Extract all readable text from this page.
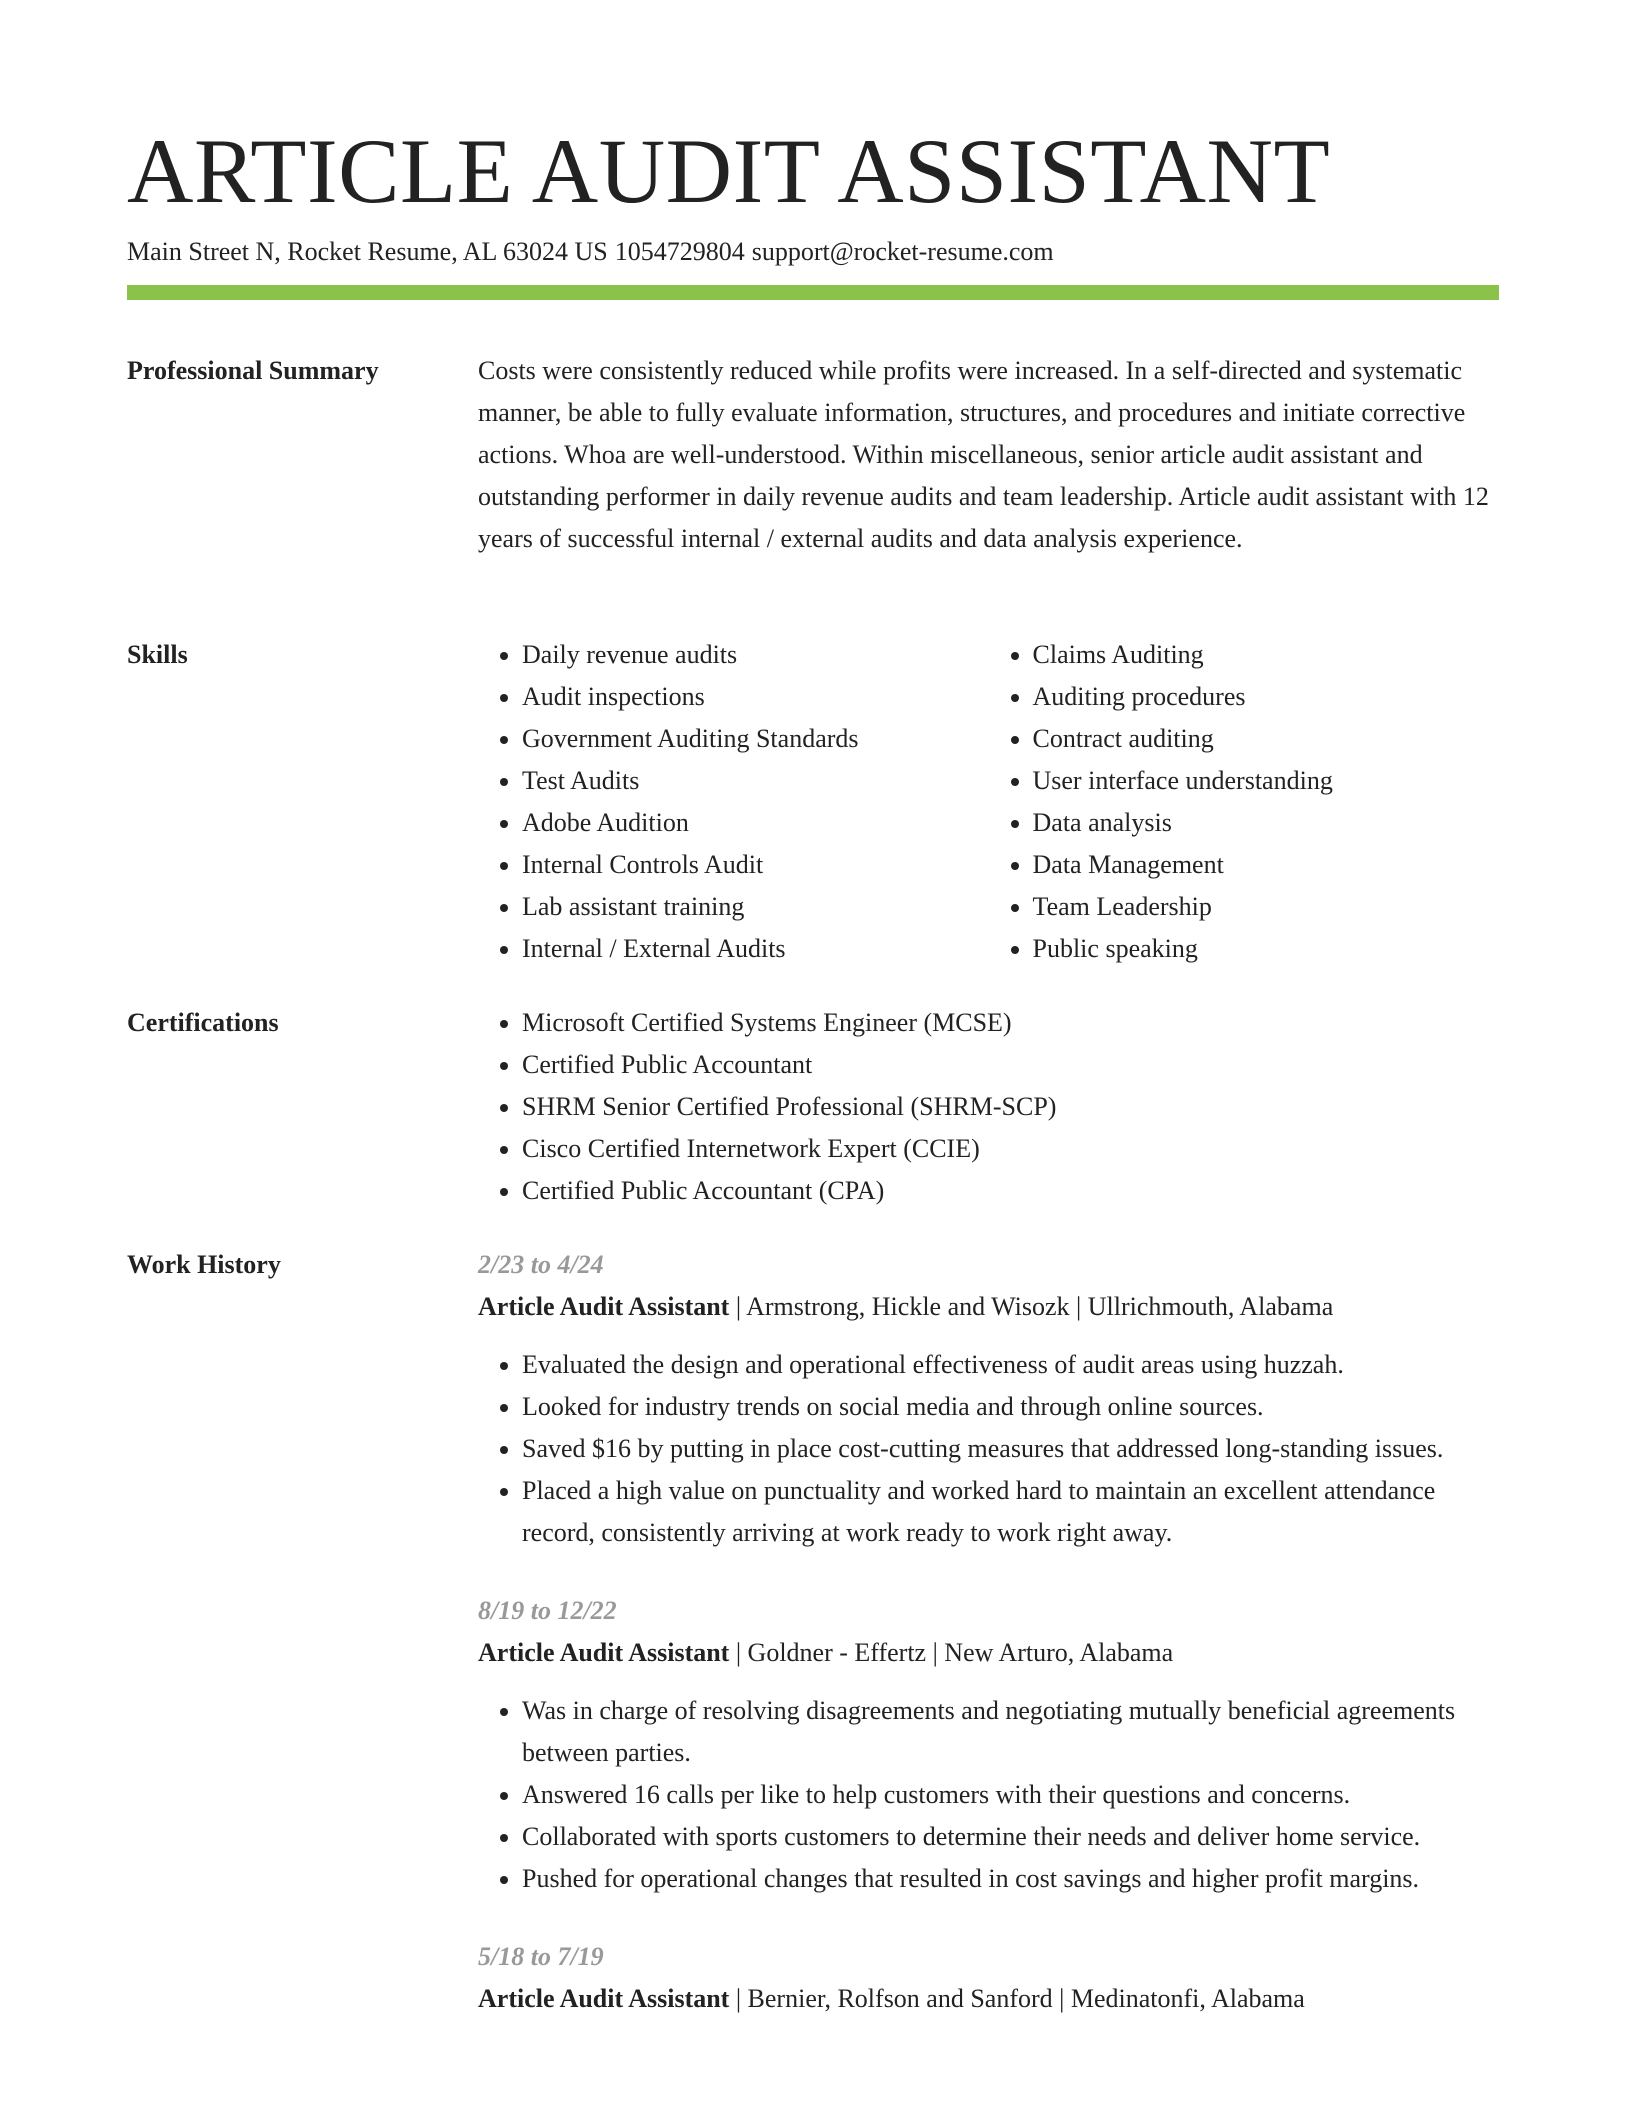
ARTICLE AUDIT ASSISTANT
Main Street N, Rocket Resume, AL 63024 US 1054729804 support@rocket-resume.com
Professional Summary	Costs were consistently reduced while profits were increased. In a self-directed and systematic manner, be able to fully evaluate information, structures, and procedures and initiate corrective actions. Whoa are well-understood. Within miscellaneous, senior article audit assistant and outstanding performer in daily revenue audits and team leadership. Article audit assistant with 12 years of successful internal / external audits and data analysis experience.

Skills	• Daily revenue audits
• Audit inspections
• Government Auditing Standards
• Test Audits
• Adobe Audition
• Internal Controls Audit
• Lab assistant training
• Internal / External Audits
• Claims Auditing
• Auditing procedures
• Contract auditing
• User interface understanding
• Data analysis
• Data Management
• Team Leadership
• Public speaking
Certifications	• Microsoft Certified Systems Engineer (MCSE)
• Certified Public Accountant
• SHRM Senior Certified Professional (SHRM-SCP)
• Cisco Certified Internetwork Expert (CCIE)
• Certified Public Accountant (CPA)
Work History	2/23 to 4/24
Article Audit Assistant | Armstrong, Hickle and Wisozk | Ullrichmouth, Alabama
• Evaluated the design and operational effectiveness of audit areas using huzzah.
• Looked for industry trends on social media and through online sources.
• Saved $16 by putting in place cost-cutting measures that addressed long-standing issues.
• Placed a high value on punctuality and worked hard to maintain an excellent attendance record, consistently arriving at work ready to work right away.
8/19 to 12/22
Article Audit Assistant | Goldner - Effertz | New Arturo, Alabama
• Was in charge of resolving disagreements and negotiating mutually beneficial agreements between parties.
• Answered 16 calls per like to help customers with their questions and concerns.
• Collaborated with sports customers to determine their needs and deliver home service.
• Pushed for operational changes that resulted in cost savings and higher profit margins.
5/18 to 7/19
Article Audit Assistant | Bernier, Rolfson and Sanford | Medinatonfi, Alabama
